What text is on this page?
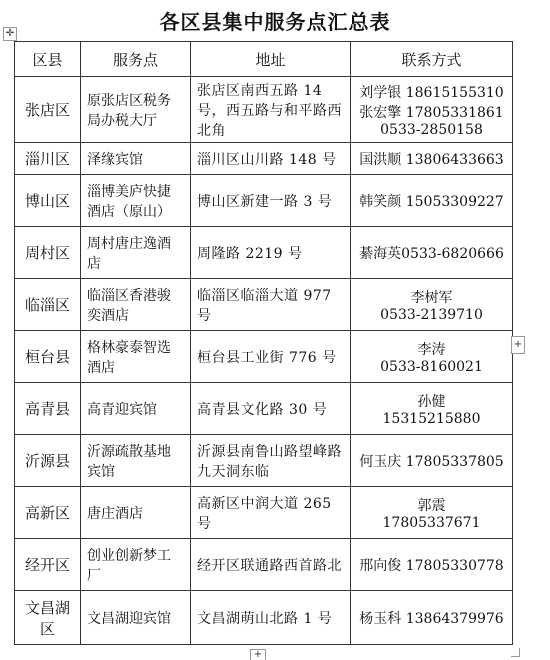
各区县集中服务点汇总表
✛
区县	服务点	地址	联系方式
张店区	原张店区税务局办税大厅	张店区南西五路 14 号，西五路与和平路西北角	刘学银 18615155310
张宏擎 17805331861
0533-2850158
淄川区	泽缘宾馆	淄川区山川路 148 号	国洪顺 13806433663
博山区	淄博美庐快捷酒店（原山）	博山区新建一路 3 号	韩笑颜 15053309227
周村区	周村唐庄逸酒店	周隆路 2219 号	綦海英0533-6820666
临淄区	临淄区香港骏奕酒店	临淄区临淄大道 977 号	李树军
0533-2139710
桓台县	格林豪泰智选酒店	桓台县工业街 776 号	李涛
0533-8160021
高青县	高青迎宾馆	高青县文化路 30 号	孙健
15315215880
沂源县	沂源疏散基地宾馆	沂源县南鲁山路望峰路九天洞东临	何玉庆 17805337805
高新区	唐庄酒店	高新区中润大道 265 号	郭震
17805337671
经开区	创业创新梦工厂	经开区联通路西首路北	邢向俊 17805330778
文昌湖区	文昌湖迎宾馆	文昌湖萌山北路 1 号	杨玉科 13864379976
+
+
